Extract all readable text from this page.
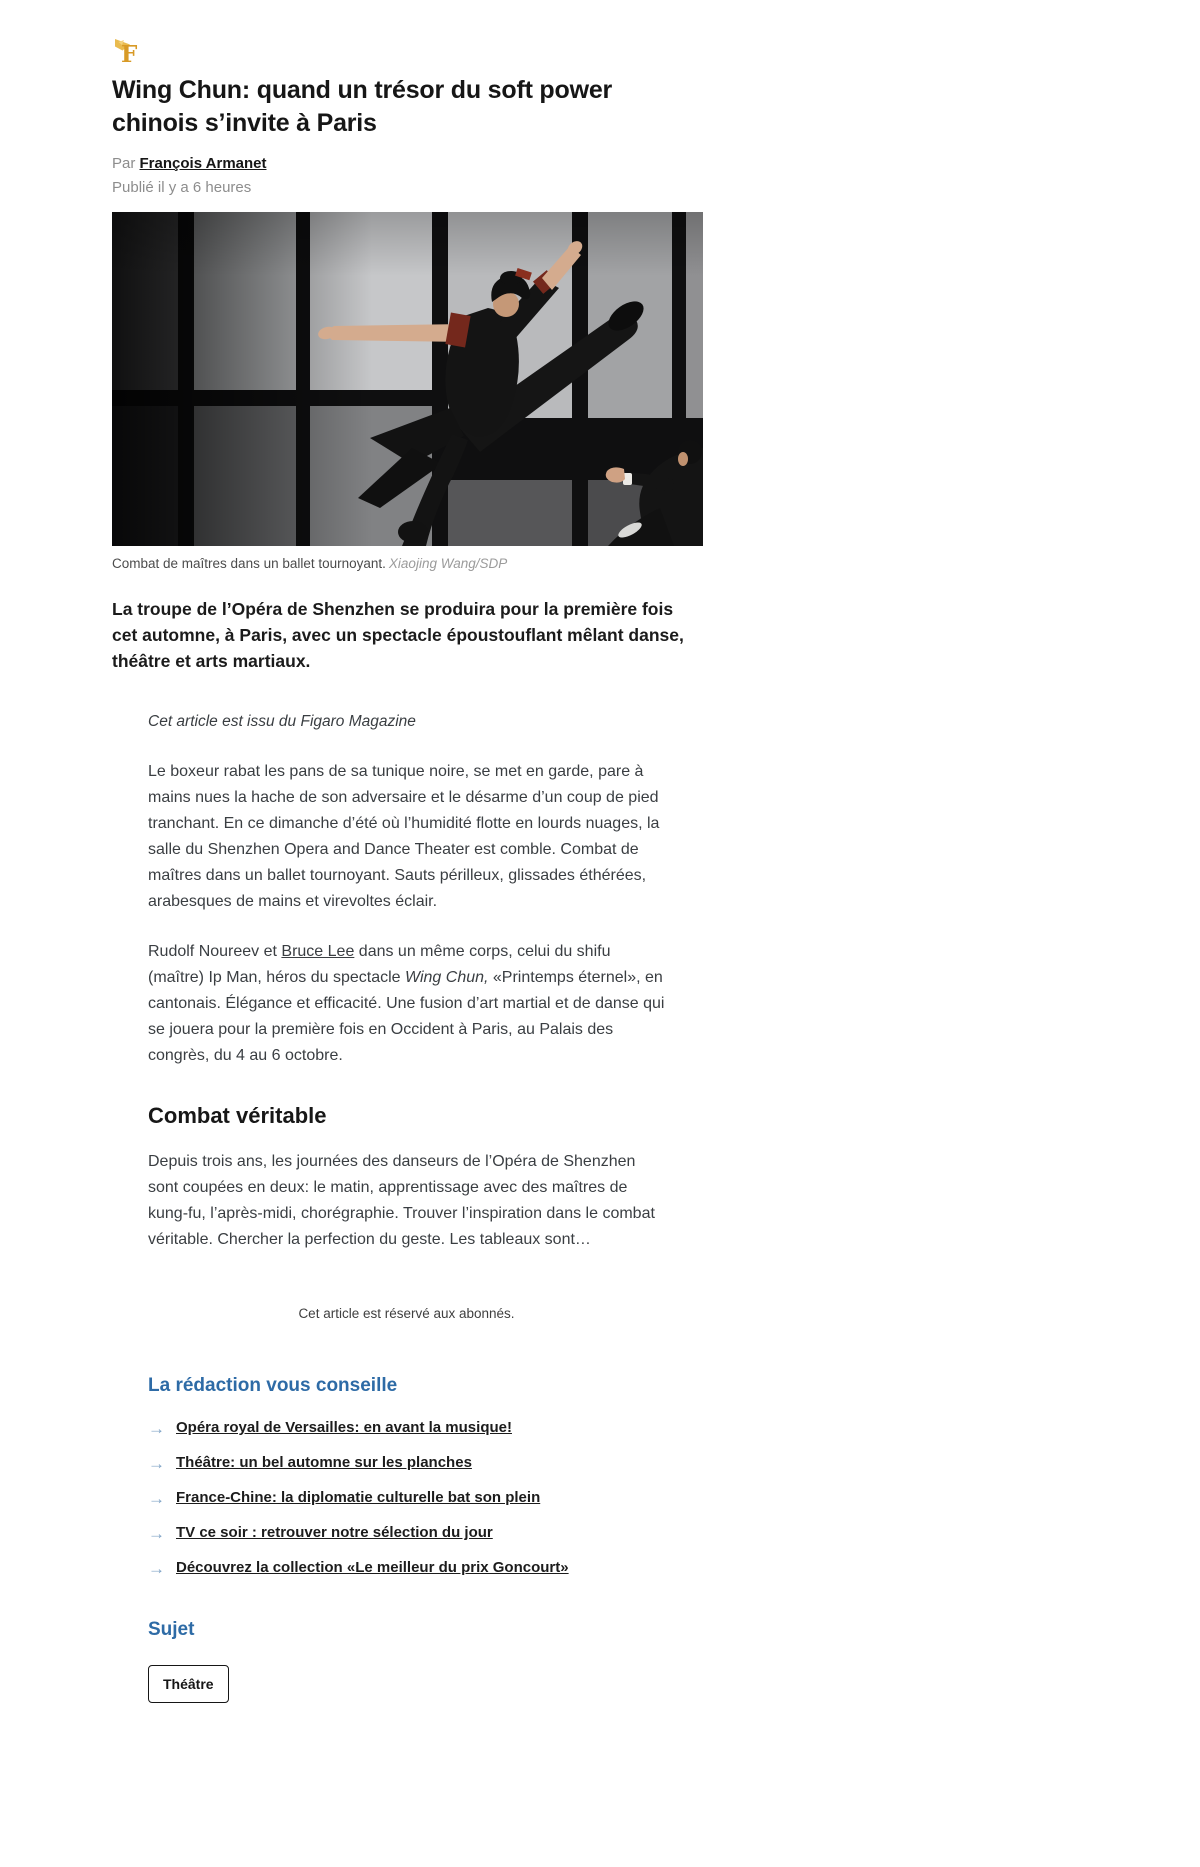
F
Wing Chun: quand un trésor du soft power chinois s’invite à Paris
Par François Armanet
Publié il y a 6 heures
Combat de maîtres dans un ballet tournoyant. Xiaojing Wang/SDP

La troupe de l’Opéra de Shenzhen se produira pour la première fois cet automne, à Paris, avec un spectacle époustouflant mêlant danse, théâtre et arts martiaux.

Cet article est issu du Figaro Magazine

Le boxeur rabat les pans de sa tunique noire, se met en garde, pare à mains nues la hache de son adversaire et le désarme d’un coup de pied tranchant. En ce dimanche d’été où l’humidité flotte en lourds nuages, la salle du Shenzhen Opera and Dance Theater est comble. Combat de maîtres dans un ballet tournoyant. Sauts périlleux, glissades éthérées, arabesques de mains et virevoltes éclair.

Rudolf Noureev et Bruce Lee dans un même corps, celui du shifu (maître) Ip Man, héros du spectacle Wing Chun, «Printemps éternel», en cantonais. Élégance et efficacité. Une fusion d’art martial et de danse qui se jouera pour la première fois en Occident à Paris, au Palais des congrès, du 4 au 6 octobre.

Combat véritable

Depuis trois ans, les journées des danseurs de l’Opéra de Shenzhen sont coupées en deux: le matin, apprentissage avec des maîtres de kung-fu, l’après-midi, chorégraphie. Trouver l’inspiration dans le combat véritable. Chercher la perfection du geste. Les tableaux sont…

Cet article est réservé aux abonnés.
La rédaction vous conseille
→ Opéra royal de Versailles: en avant la musique!
→ Théâtre: un bel automne sur les planches
→ France-Chine: la diplomatie culturelle bat son plein
→ TV ce soir : retrouver notre sélection du jour
→ Découvrez la collection «Le meilleur du prix Goncourt»
Sujet
Théâtre
